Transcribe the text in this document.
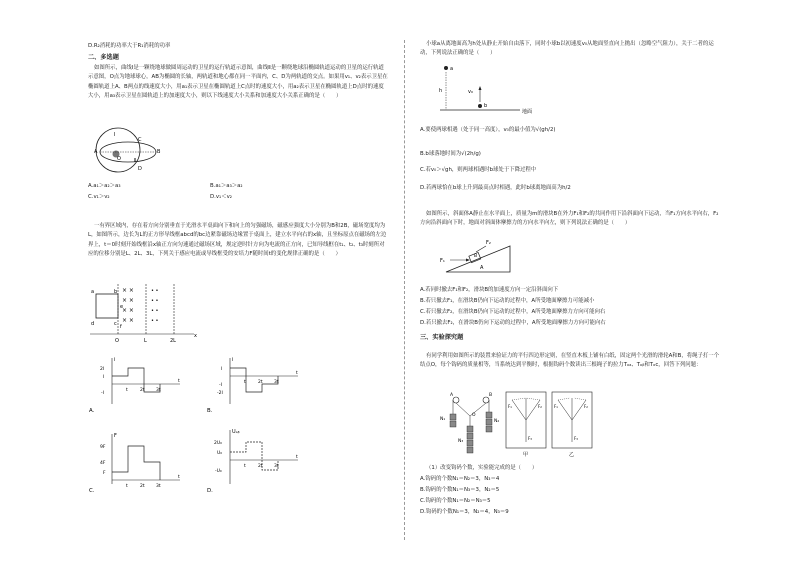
D.R₂消耗的功率大于R₁消耗的功率
二、多选题
如图所示，曲线Ⅰ是一颗绕地球做圆周运动的卫星的运行轨道示意图，曲线Ⅱ是一颗绕地球沿椭圆轨道运动的卫星的运行轨道示意图，O点为地球球心，AB为椭圆的长轴，两轨道和地心都在同一平面内，C、D为两轨道的交点。如果用v₁、v₂表示卫星在椭圆轨道上A、B两点的线速度大小，用a₁表示卫星在椭圆轨道上C点时的速度大小，用a₂表示卫星在椭圆轨道上D点时的速度大小，用a₃表示卫星在圆轨道上的加速度大小，则以下线速度大小关系和加速度大小关系正确的是（　　）
Ⅰ
Ⅱ
A	B
C
D
O
A.a₁＞a₂＞a₃	B.a₁＞a₃＞a₂
C.v₁＞v₂	D.v₁＜v₂
一有界区域内，存在着方向分别垂直于光滑水平桌面向下和向上的匀强磁场，磁感应强度大小分别为B和2B，磁场宽度均为L，如图所示，边长为L的正方形导线框abcd的bc边紧靠磁场边缘置于桌面上，建立水平向右的x轴，且坐标原点在磁场的左边界上，t＝0时刻开始线框沿x轴正方向匀速通过磁场区域，规定逆时针方向为电流的正方向，已知导线框在t₁、t₂、t₃时刻所对应的位移分别是L、2L、3L，下列关于感应电流或导线框受的安培力F随时间t的变化规律正确的是（　　）
× ×
× ×
× ×
× ×
• •
• •
• •
• •
a	b
c
d
e
f
O	L	2L
x
i
2I
I
-I
t	2t	3t
t
A.
i
I
-I
-2I
t	2t	3t
t
B.
F
9F
4F
F
t	2t	3t
t
C.
Uₐᵦ
2U₀
U₀
-U₀
t	2t	3t
t
D.
小球a从离地面高为h处从静止开始自由落下，同时小球b以初速度v₀从地面竖直向上抛出（忽略空气阻力），关于二者的运动，下列说法正确的是（　　）
a
b
v₀
h
地面
A.要使两球相遇（处于同一高度），v₀的最小值为√(gh/2)
B.b球落地时间为√(2h/g)
C.若v₀＞√gh，则两球相遇时b球处于下降过程中
D.若两球恰在b球上升到最高点时相遇，此时b球离地面高为h/2
如图所示，斜面体A静止在水平面上，质量为m的滑块B在外力F₁和F₂的共同作用下沿斜面向下运动，当F₁方向水平向右，F₂方向沿斜面向下时，地面对斜面体摩擦力的方向水平向左，则下列说法正确的是（　　）
F₁
F₂
A
B
A.若同时撤去F₁和F₂，滑块B的加速度方向一定沿斜面向下
B.若只撤去F₁，在滑块B仍向下运动的过程中，A所受地面摩擦力可能减小
C.若只撤去F₂，在滑块B仍向下运动的过程中，A所受地面摩擦力方向可能向右
D.若只撤去F₂，在滑块B仍向下运动的过程中，A所受地面摩擦力方向可能向右
三、实验探究题
有同学利用如图所示的装置来验证力的平行四边形定则，在竖直木板上铺有白纸，固定两个光滑的滑轮A和B，将绳子打一个结点O，每个钩码的质量相等，当系统达到平衡时，根据钩码个数读出三根绳子的拉力Tₒₐ、Tₒᵦ和Tₒc，回答下列问题：
A	B
O
N₁	N₂
N₃
F₁	F₂
F₃
甲
F₁	F₂
F₃
乙
（1）改变钩码个数，实验能完成的是（　　）
A.钩码的个数N₁＝N₂＝3，N₃＝4
B.钩码的个数N₁＝N₃＝3，N₂＝5
C.钩码的个数N₁＝N₂＝N₃＝5
D.钩码的个数N₁＝3，N₂＝4，N₃＝9
